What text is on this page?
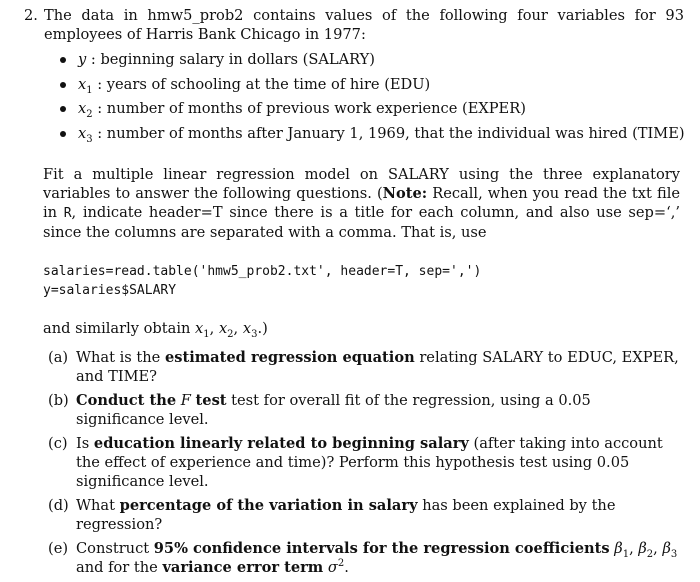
2. The data in hmw5_prob2 contains values of the following four variables for 93 employees of Harris Bank Chicago in 1977:
y : beginning salary in dollars (SALARY)
$x_1$ : years of schooling at the time of hire (EDU)
$x_2$ : number of months of previous work experience (EXPER)
$x_3$ : number of months after January 1, 1969, that the individual was hired (TIME)
Fit a multiple linear regression model on SALARY using the three explanatory variables to answer the following questions. (Note: Recall, when you read the txt file in R, indicate header=T since there is a title for each column, and also use sep=‘,’ since the columns are separated with a comma. That is, use
salaries=read.table('hmw5_prob2.txt', header=T, sep=',')
y=salaries$SALARY
and similarly obtain $x_1$, $x_2$, $x_3$.)
(a) What is the estimated regression equation relating SALARY to EDUC, EXPER, and TIME?
(b) Conduct the F test test for overall fit of the regression, using a 0.05 significance level.
(c) Is education linearly related to beginning salary (after taking into account the effect of experience and time)? Perform this hypothesis test using 0.05 significance level.
(d) What percentage of the variation in salary has been explained by the regression?
(e) Construct 95% confidence intervals for the regression coefficients $\beta_1$, $\beta_2$, $\beta_3$ and for the variance error term $\sigma^2$.
